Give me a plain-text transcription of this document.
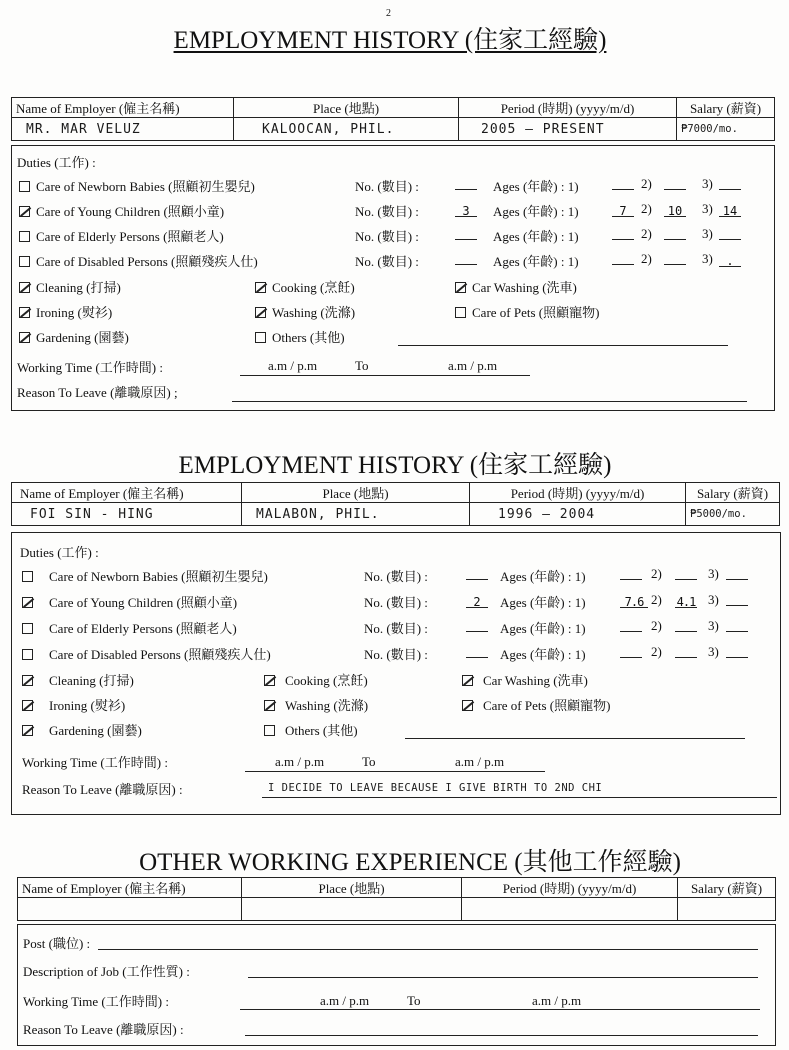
2
EMPLOYMENT HISTORY (住家工經驗)
Name of Employer (僱主名稱)	Place (地點)	Period (時期) (yyyy/m/d)	Salary (薪資)
MR. MAR VELUZ	KALOOCAN, PHIL.	2005 — PRESENT	₱7000/mo.
Duties (工作) :
Care of Newborn Babies (照顧初生嬰兒)	No. (數目) :	Ages (年齡) : 1)	2)	3)
Care of Young Children (照顧小童)	No. (數目) :	3	Ages (年齡) : 1)	7	2)	10 3) 14
Care of Elderly Persons (照顧老人)	No. (數目) :	Ages (年齡) : 1)	2)	3)
Care of Disabled Persons (照顧殘疾人仕)	No. (數目) :	Ages (年齡) : 1)	2)	3)	.
Cleaning (打掃)	Cooking (烹飪)	Car Washing (洗車)
Ironing (熨衫)	Washing (洗滌)	Care of Pets (照顧寵物)
Gardening (園藝)	Others (其他)
Working Time (工作時間) :	a.m / p.m	To	a.m / p.m
Reason To Leave (離職原因) ;
EMPLOYMENT HISTORY (住家工經驗)
Name of Employer (僱主名稱)	Place (地點)	Period (時期) (yyyy/m/d)	Salary (薪資)
FOI SIN - HING	MALABON, PHIL.	1996 — 2004	₱5000/mo.
Duties (工作) :
Care of Newborn Babies (照顧初生嬰兒)	No. (數目) :	Ages (年齡) : 1)	2)	3)
Care of Young Children (照顧小童)	No. (數目) :	2	Ages (年齡) : 1)	7.6 2) 4.1 3)
Care of Elderly Persons (照顧老人)	No. (數目) :	Ages (年齡) : 1)	2)	3)
Care of Disabled Persons (照顧殘疾人仕)	No. (數目) :	Ages (年齡) : 1)	2)	3)
Cleaning (打掃)	Cooking (烹飪)	Car Washing (洗車)
Ironing (熨衫)	Washing (洗滌)	Care of Pets (照顧寵物)
Gardening (園藝)	Others (其他)
Working Time (工作時間) :	a.m / p.m	To	a.m / p.m
Reason To Leave (離職原因) :	I DECIDE TO LEAVE BECAUSE I GIVE BIRTH TO 2ND CHI
OTHER WORKING EXPERIENCE (其他工作經驗)
Name of Employer (僱主名稱)	Place (地點)	Period (時期) (yyyy/m/d)	Salary (薪資)

Post (職位) :
Description of Job (工作性質) :
Working Time (工作時間) :	a.m / p.m	To	a.m / p.m
Reason To Leave (離職原因) :
